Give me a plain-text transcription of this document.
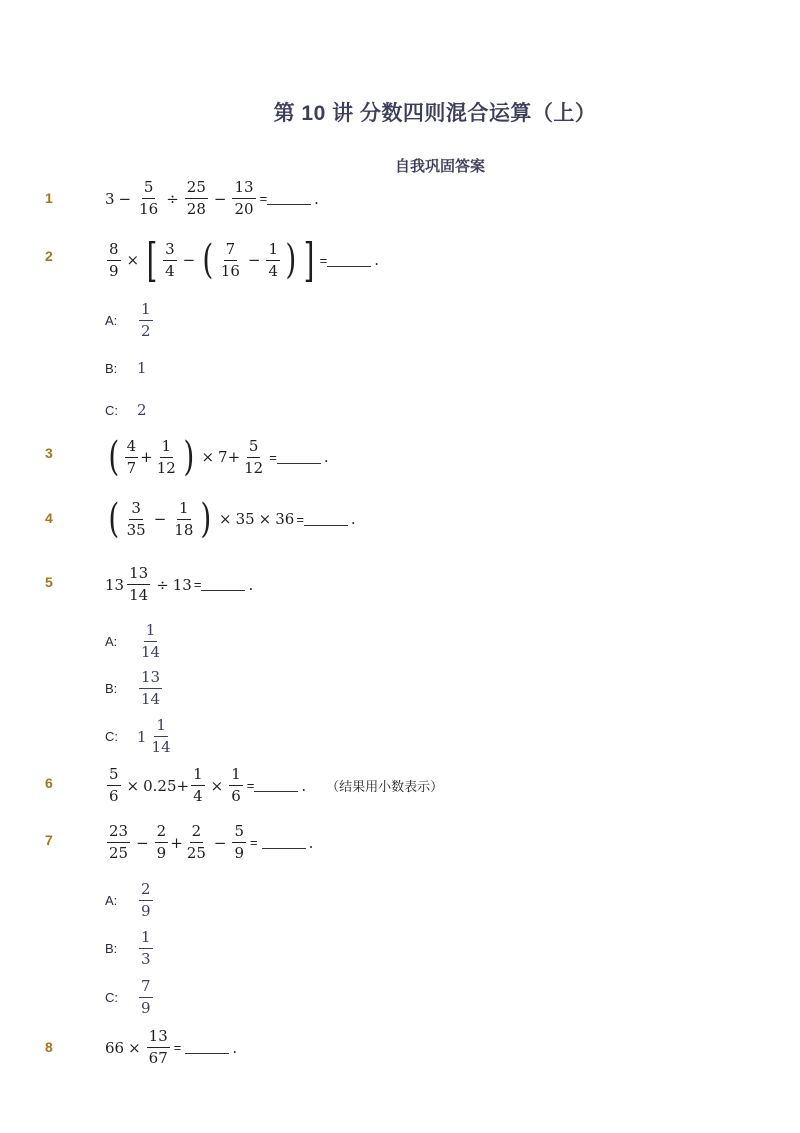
第 10 讲 分数四则混合运算（上）
自我巩固答案
1	$3 - \frac{5}{16} \div \frac{25}{28} - \frac{13}{20}$ =	.
2	$\frac{8}{9}$ × [ $\frac{3}{4}$ − ( $\frac{7}{16} - \frac{1}{4}$ ) ] =	.
A:	$\frac{1}{2}$
B:	1
C:	2
3	( $\frac{4}{7} + \frac{1}{12}$ ) × $7 + \frac{5}{12}$ =	.
4	( $\frac{3}{35} - \frac{1}{18}$ ) × 35 × 36 =	.
5	$13 \frac{13}{14} \div 13$ =	.
A:	$\frac{1}{14}$
B:	$\frac{13}{14}$
C:	$1 \frac{1}{14}$
6	$\frac{5}{6} \times 0.25 + \frac{1}{4} \times \frac{1}{6}$ =	. （结果用小数表示）
7	$\frac{23}{25} - \frac{2}{9} + \frac{2}{25} - \frac{5}{9}$ =	.
A:	$\frac{2}{9}$
B:	$\frac{1}{3}$
C:	$\frac{7}{9}$
8	$66 \times \frac{13}{67}$ =	.
